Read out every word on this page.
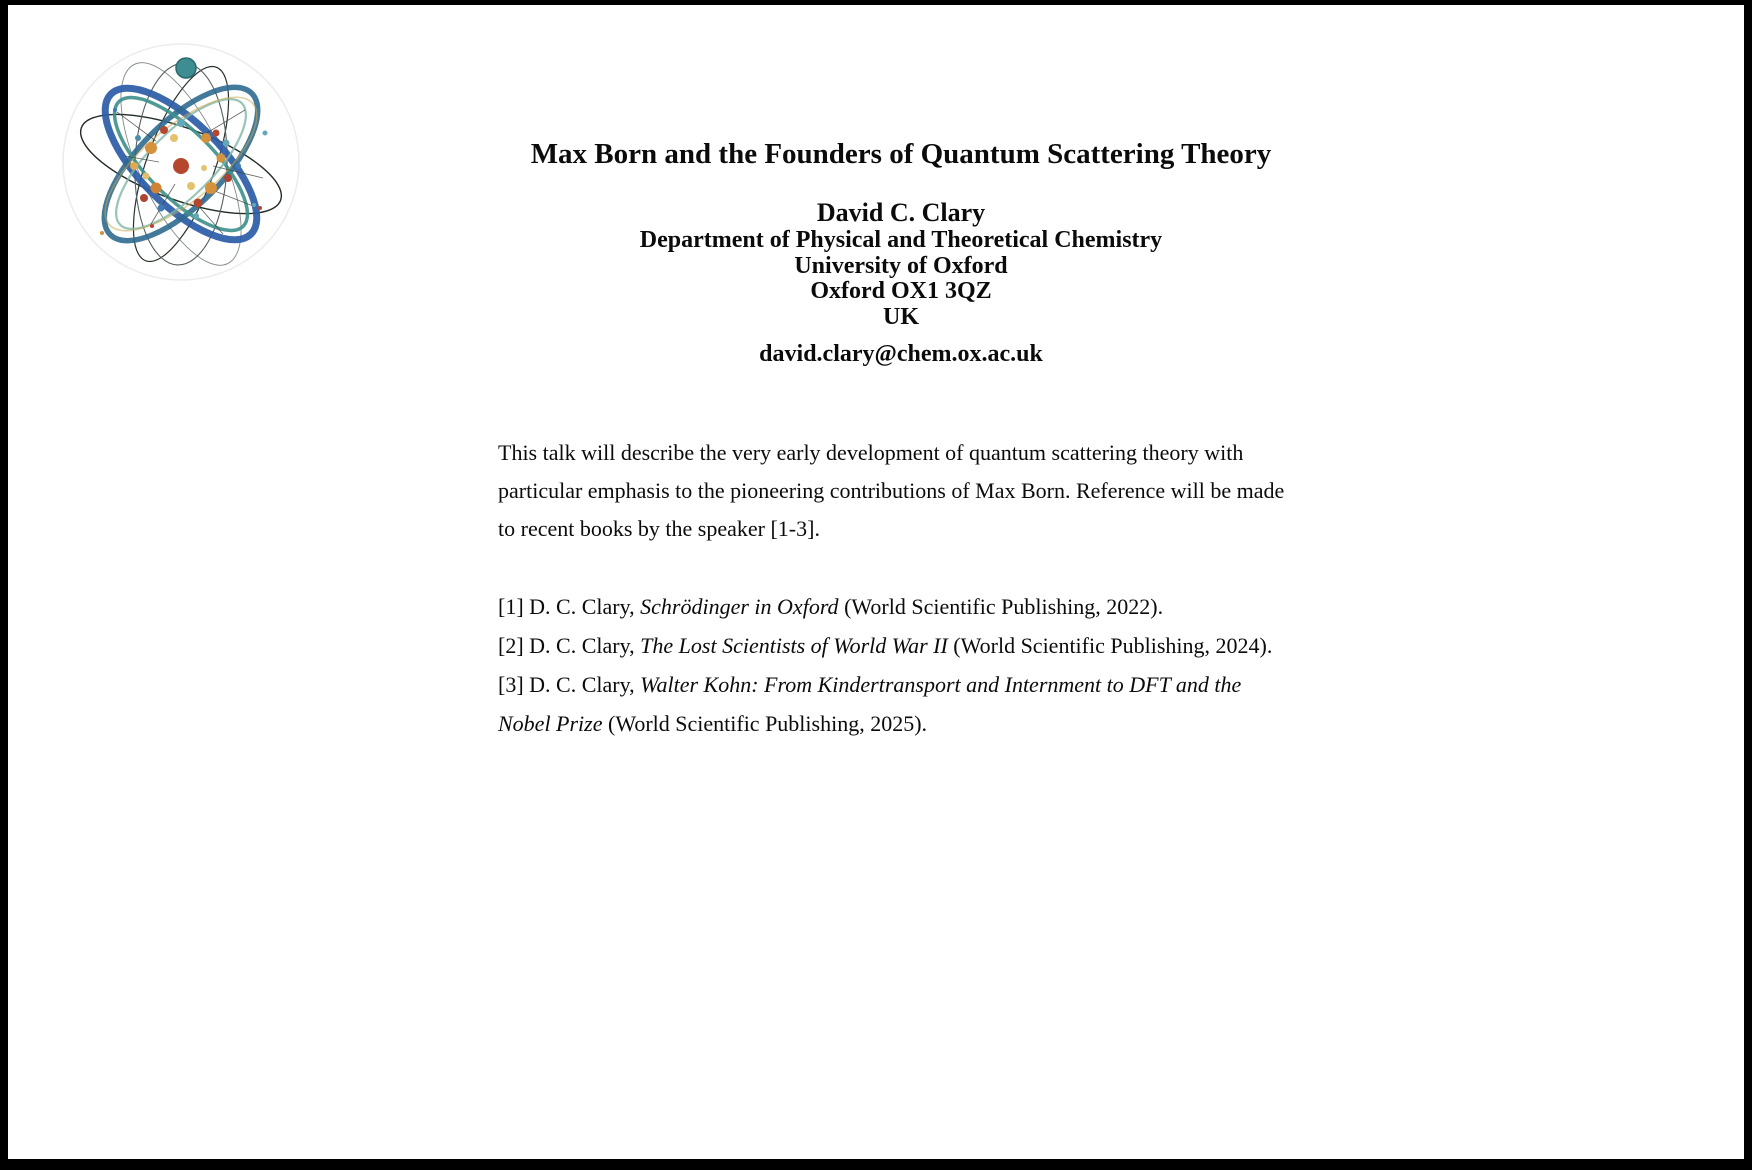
Max Born and the Founders of Quantum Scattering Theory
David C. Clary
Department of Physical and Theoretical Chemistry
University of Oxford
Oxford OX1 3QZ
UK
david.clary@chem.ox.ac.uk
This talk will describe the very early development of quantum scattering theory with
particular emphasis to the pioneering contributions of Max Born. Reference will be made
to recent books by the speaker [1-3].
[1] D. C. Clary, Schrödinger in Oxford (World Scientific Publishing, 2022).
[2] D. C. Clary, The Lost Scientists of World War II (World Scientific Publishing, 2024).
[3] D. C. Clary, Walter Kohn: From Kindertransport and Internment to DFT and the
Nobel Prize (World Scientific Publishing, 2025).
